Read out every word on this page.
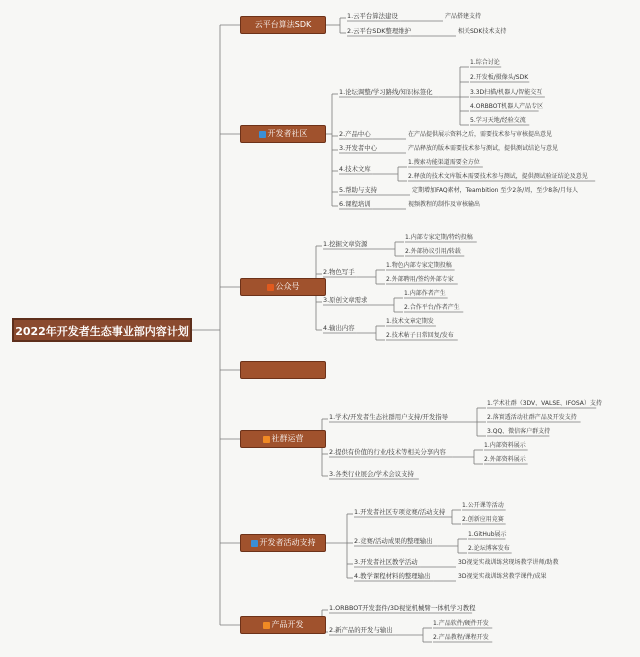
2022年开发者生态事业部内容计划
云平台算法SDK
1.云平台算法建设	产品搭建支持
2.云平台SDK整理维护	相关SDK技术支持
开发者社区
1.论坛调整/学习路线/知识标签化
1.综合讨论
2.开发板/摄像头/SDK
3.3D扫描/机器人/智能交互
4.ORBBOT机器人产品专区
5.学习天地/经验交流
2.产品中心	在产品提供展示资料之后，需要技术参与审核提出意见
3.开发者中心	产品释放的版本需要技术参与测试，提供测试结论与意见
4.技术文库
1.搜索功能渠道需要全方位
2.释放的技术文库版本需要技术参与测试，提供测试验证结论及意见
5.帮助与支持	定期增加FAQ素材，Teambition 至少2条/周，至少8条/月每人
6.课程培训	视频教程的制作及审核输出
公众号
1.挖掘文章资源
1.内部专家定期/特约投稿
2.外部协议引用/转载
2.物色写手
1.物色内部专家定期投稿
2.外部聘用/签约外部专家
3.原创文章需求
1.内部作者产生
2.合作平台/作者产生
4.输出内容
1.技术文章定期发
2.技术帖子日常回复/发布
社群运营
1.学术/开发者生态社群用户支持/开发指导
1.学术社群（3DV、VALSE、IFOSA）支持
2.落實透活动社群产品及开发支持
3.QQ、微信客户群支持
2.提供有价值的行业/技术等相关分享内容
1.内部资料展示
2.外部资料展示
3.各类行业展会/学术会议支持
开发者活动支持
1.开发者社区专项竞赛/活动支持
1.公开课等活动
2.创新应用竞赛
2.竞赛/活动成果的整理输出
1.GitHub展示
2.论坛博客发布
3.开发者社区教学活动	3D视觉实战训练营现场教学讲师/助教
4.教学课程材料的整理输出	3D视觉实战训练营教学课件/成果
产品开发
1.ORBBOT开发套件/3D视觉机械臂一体机学习教程
2.新产品的开发与输出
1.产品软件/硬件开发
2.产品教程/课程开发
